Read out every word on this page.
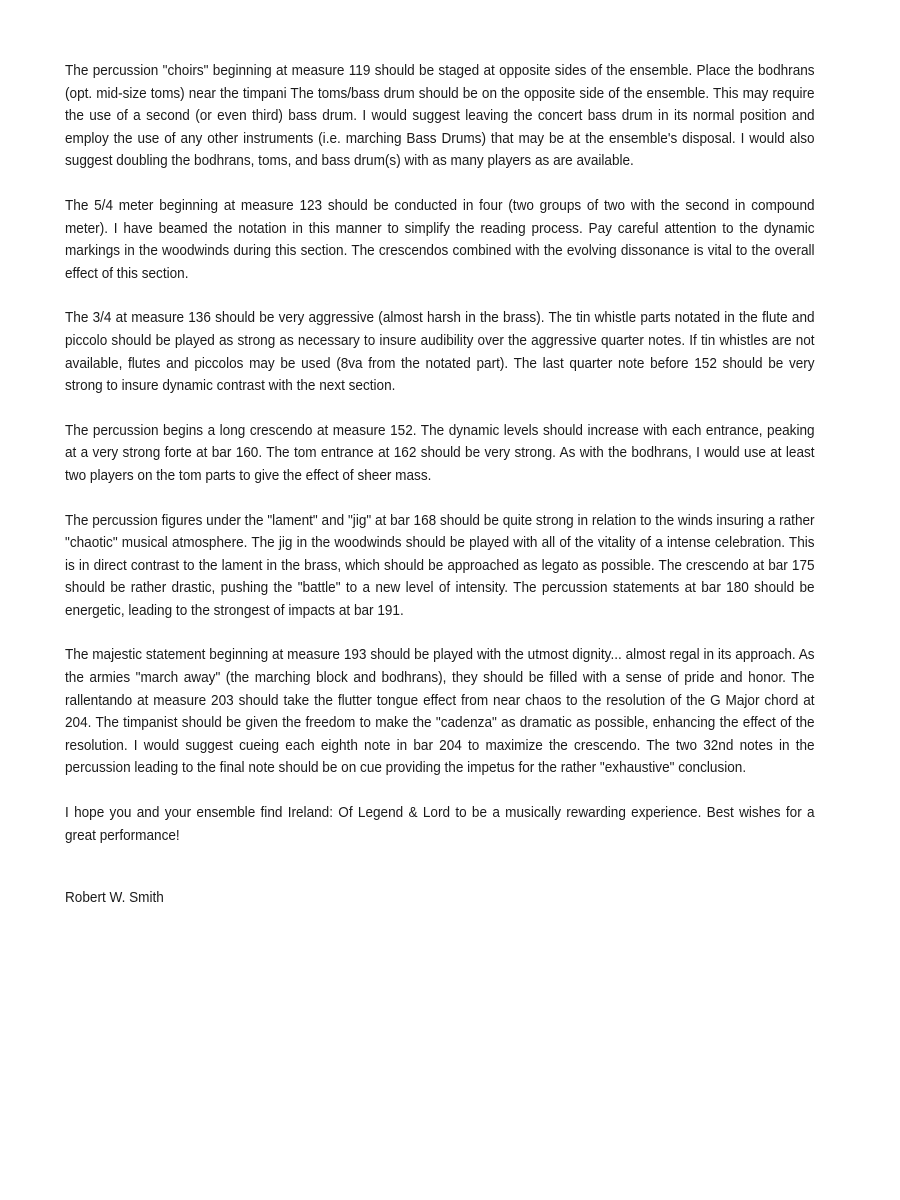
The percussion "choirs" beginning at measure 119 should be staged at opposite sides of the ensemble. Place the bodhrans (opt. mid-size toms) near the timpani The toms/bass drum should be on the opposite side of the ensemble. This may require the use of a second (or even third) bass drum. I would suggest leaving the concert bass drum in its normal position and employ the use of any other instruments (i.e. marching Bass Drums) that may be at the ensemble's disposal. I would also suggest doubling the bodhrans, toms, and bass drum(s) with as many players as are available.

The 5/4 meter beginning at measure 123 should be conducted in four (two groups of two with the second in compound meter). I have beamed the notation in this manner to simplify the reading process. Pay careful attention to the dynamic markings in the woodwinds during this section. The crescendos combined with the evolving dissonance is vital to the overall effect of this section.

The 3/4 at measure 136 should be very aggressive (almost harsh in the brass). The tin whistle parts notated in the flute and piccolo should be played as strong as necessary to insure audibility over the aggressive quarter notes. If tin whistles are not available, flutes and piccolos may be used (8va from the notated part). The last quarter note before 152 should be very strong to insure dynamic contrast with the next section.

The percussion begins a long crescendo at measure 152. The dynamic levels should increase with each entrance, peaking at a very strong forte at bar 160. The tom entrance at 162 should be very strong. As with the bodhrans, I would use at least two players on the tom parts to give the effect of sheer mass.

The percussion figures under the "lament" and "jig" at bar 168 should be quite strong in relation to the winds insuring a rather "chaotic" musical atmosphere. The jig in the woodwinds should be played with all of the vitality of a intense celebration. This is in direct contrast to the lament in the brass, which should be approached as legato as possible. The crescendo at bar 175 should be rather drastic, pushing the "battle" to a new level of intensity. The percussion statements at bar 180 should be energetic, leading to the strongest of impacts at bar 191.

The majestic statement beginning at measure 193 should be played with the utmost dignity... almost regal in its approach. As the armies "march away" (the marching block and bodhrans), they should be filled with a sense of pride and honor. The rallentando at measure 203 should take the flutter tongue effect from near chaos to the resolution of the G Major chord at 204. The timpanist should be given the freedom to make the "cadenza" as dramatic as possible, enhancing the effect of the resolution. I would suggest cueing each eighth note in bar 204 to maximize the crescendo. The two 32nd notes in the percussion leading to the final note should be on cue providing the impetus for the rather "exhaustive" conclusion.

I hope you and your ensemble find Ireland: Of Legend & Lord to be a musically rewarding experience. Best wishes for a great performance!

Robert W. Smith
